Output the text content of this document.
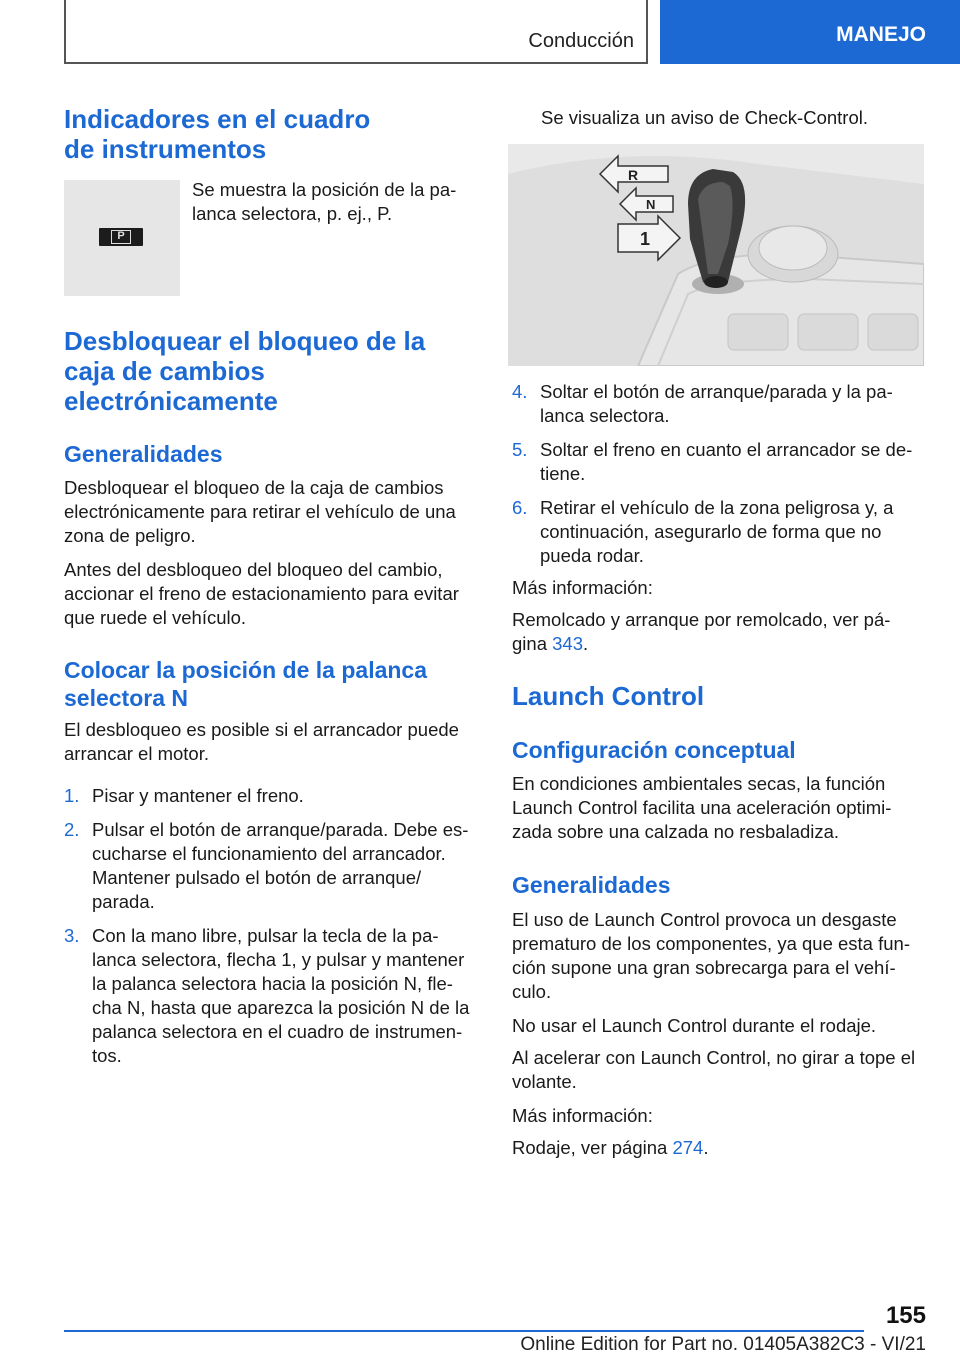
Conducción	MANEJO
Indicadores en el cuadro
de instrumentos
P
Se muestra la posición de la pa‐
lanca selectora, p. ej., P.
Desbloquear el bloqueo de la
caja de cambios
electrónicamente
Generalidades
Desbloquear el bloqueo de la caja de cambios
electrónicamente para retirar el vehículo de una
zona de peligro.
Antes del desbloqueo del bloqueo del cambio,
accionar el freno de estacionamiento para evitar
que ruede el vehículo.
Colocar la posición de la palanca
selectora N
El desbloqueo es posible si el arrancador puede
arrancar el motor.
1. Pisar y mantener el freno.
2. Pulsar el botón de arranque/parada. Debe es‐
cucharse el funcionamiento del arrancador.
Mantener pulsado el botón de arranque/
parada.
3. Con la mano libre, pulsar la tecla de la pa‐
lanca selectora, flecha 1, y pulsar y mantener
la palanca selectora hacia la posición N, fle‐
cha N, hasta que aparezca la posición N de la
palanca selectora en el cuadro de instrumen‐
tos.
Se visualiza un aviso de Check-Control.
R
N
1
4. Soltar el botón de arranque/parada y la pa‐
lanca selectora.
5. Soltar el freno en cuanto el arrancador se de‐
tiene.
6. Retirar el vehículo de la zona peligrosa y, a
continuación, asegurarlo de forma que no
pueda rodar.
Más información:
Remolcado y arranque por remolcado, ver pá‐
gina 343.
Launch Control
Configuración conceptual
En condiciones ambientales secas, la función
Launch Control facilita una aceleración optimi‐
zada sobre una calzada no resbaladiza.
Generalidades
El uso de Launch Control provoca un desgaste
prematuro de los componentes, ya que esta fun‐
ción supone una gran sobrecarga para el vehí‐
culo.
No usar el Launch Control durante el rodaje.
Al acelerar con Launch Control, no girar a tope el
volante.
Más información:
Rodaje, ver página 274.
155
Online Edition for Part no. 01405A382C3 - VI/21
